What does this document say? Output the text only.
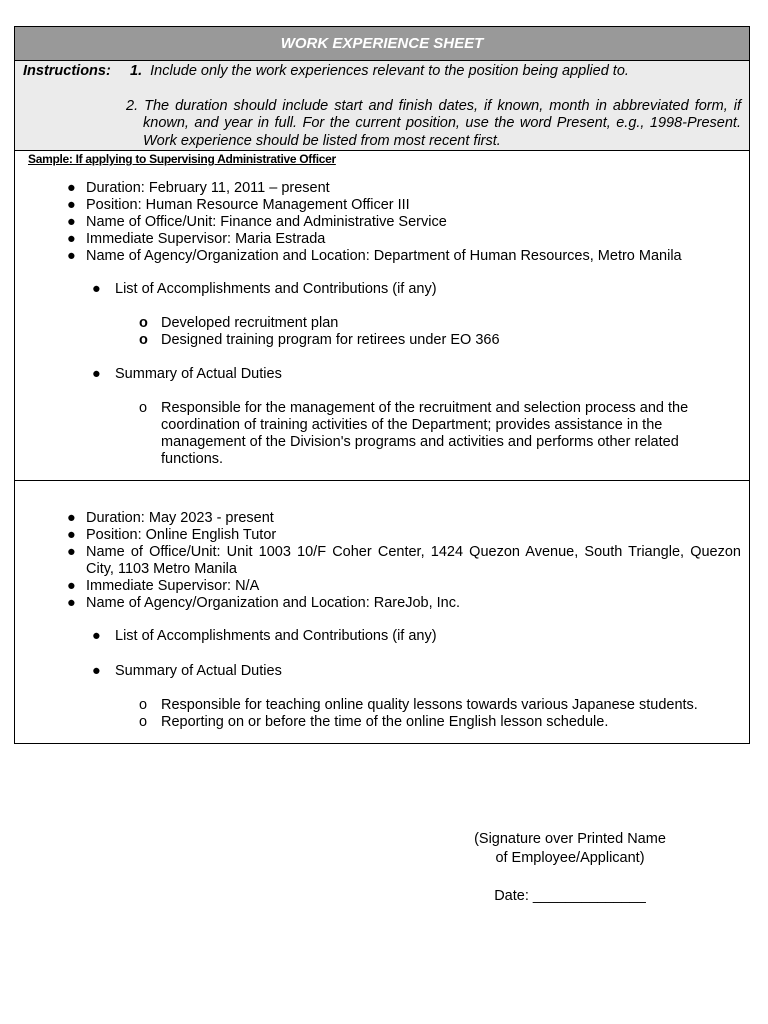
WORK EXPERIENCE SHEET
Instructions:	1. Include only the work experiences relevant to the position being applied to.
2. The duration should include start and finish dates, if known, month in abbreviated form, if known, and year in full. For the current position, use the word Present, e.g., 1998-Present. Work experience should be listed from most recent first.
Sample: If applying to Supervising Administrative Officer
● Duration: February 11, 2011 – present
● Position: Human Resource Management Officer III
● Name of Office/Unit: Finance and Administrative Service
● Immediate Supervisor: Maria Estrada
● Name of Agency/Organization and Location: Department of Human Resources, Metro Manila
● List of Accomplishments and Contributions (if any)
o Developed recruitment plan
o Designed training program for retirees under EO 366
● Summary of Actual Duties
o Responsible for the management of the recruitment and selection process and the coordination of training activities of the Department; provides assistance in the management of the Division's programs and activities and performs other related functions.
● Duration: May 2023 - present
● Position: Online English Tutor
● Name of Office/Unit: Unit 1003 10/F Coher Center, 1424 Quezon Avenue, South Triangle, Quezon City, 1103 Metro Manila
● Immediate Supervisor: N/A
● Name of Agency/Organization and Location: RareJob, Inc.
● List of Accomplishments and Contributions (if any)
● Summary of Actual Duties
o Responsible for teaching online quality lessons towards various Japanese students.
o Reporting on or before the time of the online English lesson schedule.
(Signature over Printed Name
of Employee/Applicant)
Date: ______________
